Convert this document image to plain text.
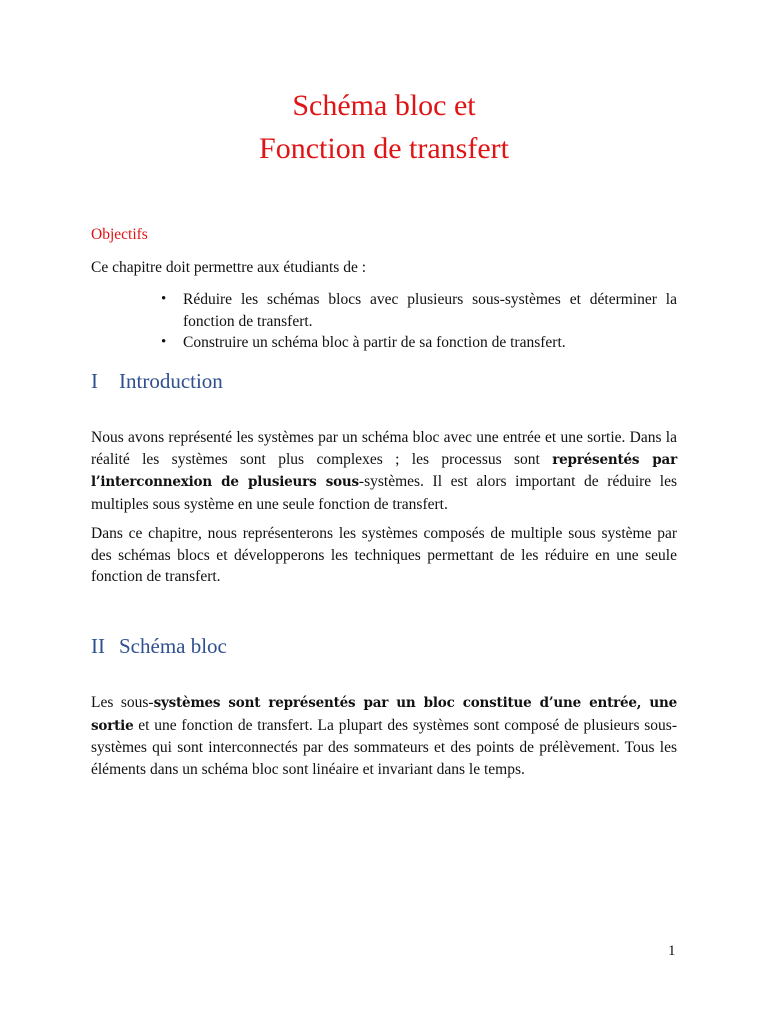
Schéma bloc et
Fonction de transfert
Objectifs
Ce chapitre doit permettre aux étudiants de :
• Réduire les schémas blocs avec plusieurs sous-systèmes et déterminer la fonction de transfert.
• Construire un schéma bloc à partir de sa fonction de transfert.
I Introduction
Nous avons représenté les systèmes par un schéma bloc avec une entrée et une sortie. Dans la réalité les systèmes sont plus complexes ; les processus sont représentés par l’interconnexion de plusieurs sous-systèmes. Il est alors important de réduire les multiples sous système en une seule fonction de transfert.
Dans ce chapitre, nous représenterons les systèmes composés de multiple sous système par des schémas blocs et développerons les techniques permettant de les réduire en une seule fonction de transfert.
II Schéma bloc
Les sous-systèmes sont représentés par un bloc constitue d’une entrée, une sortie et une fonction de transfert. La plupart des systèmes sont composé de plusieurs sous-systèmes qui sont interconnectés par des sommateurs et des points de prélèvement. Tous les éléments dans un schéma bloc sont linéaire et invariant dans le temps.
1
